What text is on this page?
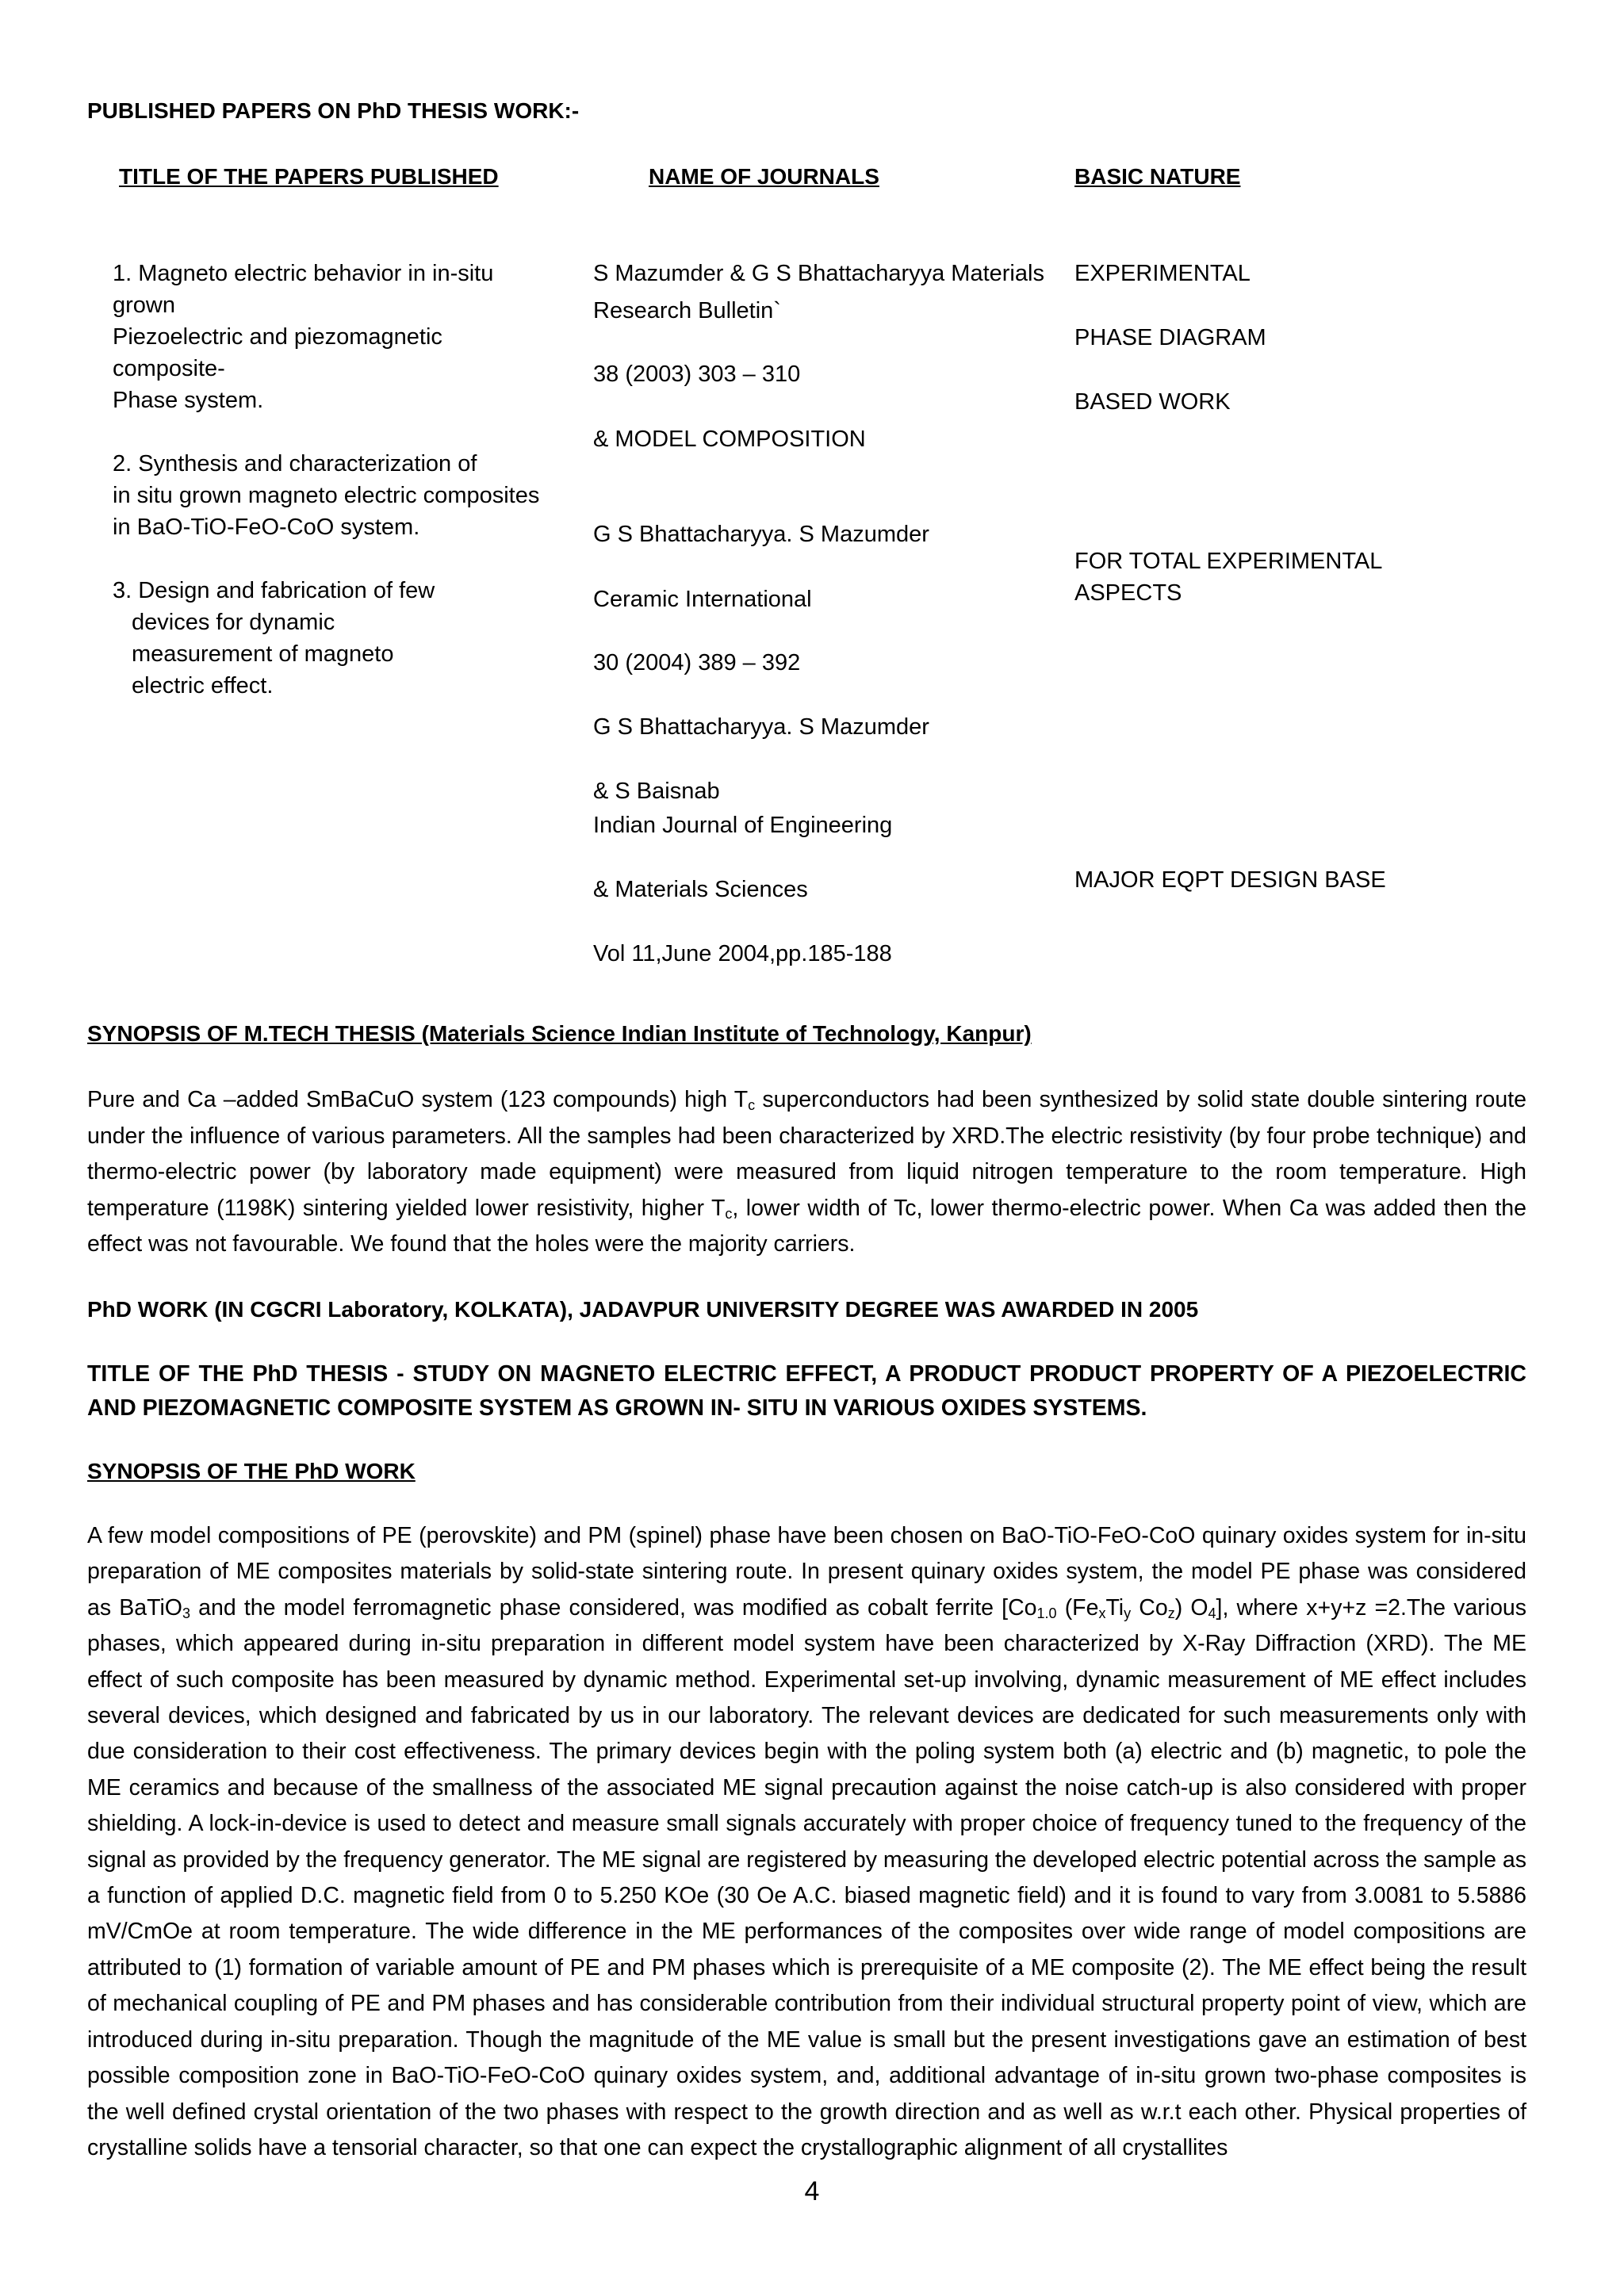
PUBLISHED PAPERS ON PhD THESIS WORK:-
TITLE OF THE PAPERS PUBLISHED	NAME OF JOURNALS	BASIC NATURE
1. Magneto electric behavior in in-situ
grown
Piezoelectric and piezomagnetic
composite-
Phase system.
2. Synthesis and characterization of
in situ grown magneto electric composites
in BaO-TiO-FeO-CoO system.
3. Design and fabrication of few
devices for dynamic
measurement of magneto
electric effect.
S Mazumder & G S Bhattacharyya Materials
Research Bulletin`
38 (2003) 303 – 310
& MODEL COMPOSITION
G S Bhattacharyya. S Mazumder
Ceramic International
30 (2004) 389 – 392
G S Bhattacharyya. S Mazumder
& S Baisnab
Indian Journal of Engineering
& Materials Sciences
Vol 11,June 2004,pp.185-188
EXPERIMENTAL
PHASE DIAGRAM
BASED WORK
FOR TOTAL EXPERIMENTAL
ASPECTS
MAJOR EQPT DESIGN BASE
SYNOPSIS OF M.TECH THESIS (Materials Science Indian Institute of Technology, Kanpur)
Pure and Ca –added SmBaCuO system (123 compounds) high $T_c$ superconductors had been synthesized by solid state double sintering route under the influence of various parameters. All the samples had been characterized by XRD.The electric resistivity (by four probe technique) and thermo-electric power (by laboratory made equipment) were measured from liquid nitrogen temperature to the room temperature. High temperature (1198K) sintering yielded lower resistivity, higher $T_c$, lower width of Tc, lower thermo-electric power. When Ca was added then the effect was not favourable. We found that the holes were the majority carriers.
PhD WORK (IN CGCRI Laboratory, KOLKATA), JADAVPUR UNIVERSITY DEGREE WAS AWARDED IN 2005
TITLE OF THE PhD THESIS - STUDY ON MAGNETO ELECTRIC EFFECT, A PRODUCT PRODUCT PROPERTY OF A PIEZOELECTRIC AND PIEZOMAGNETIC COMPOSITE SYSTEM AS GROWN IN- SITU IN VARIOUS OXIDES SYSTEMS.
SYNOPSIS OF THE PhD WORK
A few model compositions of PE (perovskite) and PM (spinel) phase have been chosen on BaO-TiO-FeO-CoO quinary oxides system for in-situ preparation of ME composites materials by solid-state sintering route. In present quinary oxides system, the model PE phase was considered as BaTiO$_3$ and the model ferromagnetic phase considered, was modified as cobalt ferrite [$Co_{1.0}$ ($Fe_xTi_y$ $Co_z$) $O_4$], where x+y+z =2.The various phases, which appeared during in-situ preparation in different model system have been characterized by X-Ray Diffraction (XRD). The ME effect of such composite has been measured by dynamic method. Experimental set-up involving, dynamic measurement of ME effect includes several devices, which designed and fabricated by us in our laboratory. The relevant devices are dedicated for such measurements only with due consideration to their cost effectiveness. The primary devices begin with the poling system both (a) electric and (b) magnetic, to pole the ME ceramics and because of the smallness of the associated ME signal precaution against the noise catch-up is also considered with proper shielding. A lock-in-device is used to detect and measure small signals accurately with proper choice of frequency tuned to the frequency of the signal as provided by the frequency generator. The ME signal are registered by measuring the developed electric potential across the sample as a function of applied D.C. magnetic field from 0 to 5.250 KOe (30 Oe A.C. biased magnetic field) and it is found to vary from 3.0081 to 5.5886 mV/CmOe at room temperature. The wide difference in the ME performances of the composites over wide range of model compositions are attributed to (1) formation of variable amount of PE and PM phases which is prerequisite of a ME composite (2). The ME effect being the result of mechanical coupling of PE and PM phases and has considerable contribution from their individual structural property point of view, which are introduced during in-situ preparation. Though the magnitude of the ME value is small but the present investigations gave an estimation of best possible composition zone in BaO-TiO-FeO-CoO quinary oxides system, and, additional advantage of in-situ grown two-phase composites is the well defined crystal orientation of the two phases with respect to the growth direction and as well as w.r.t each other. Physical properties of crystalline solids have a tensorial character, so that one can expect the crystallographic alignment of all crystallites
4
